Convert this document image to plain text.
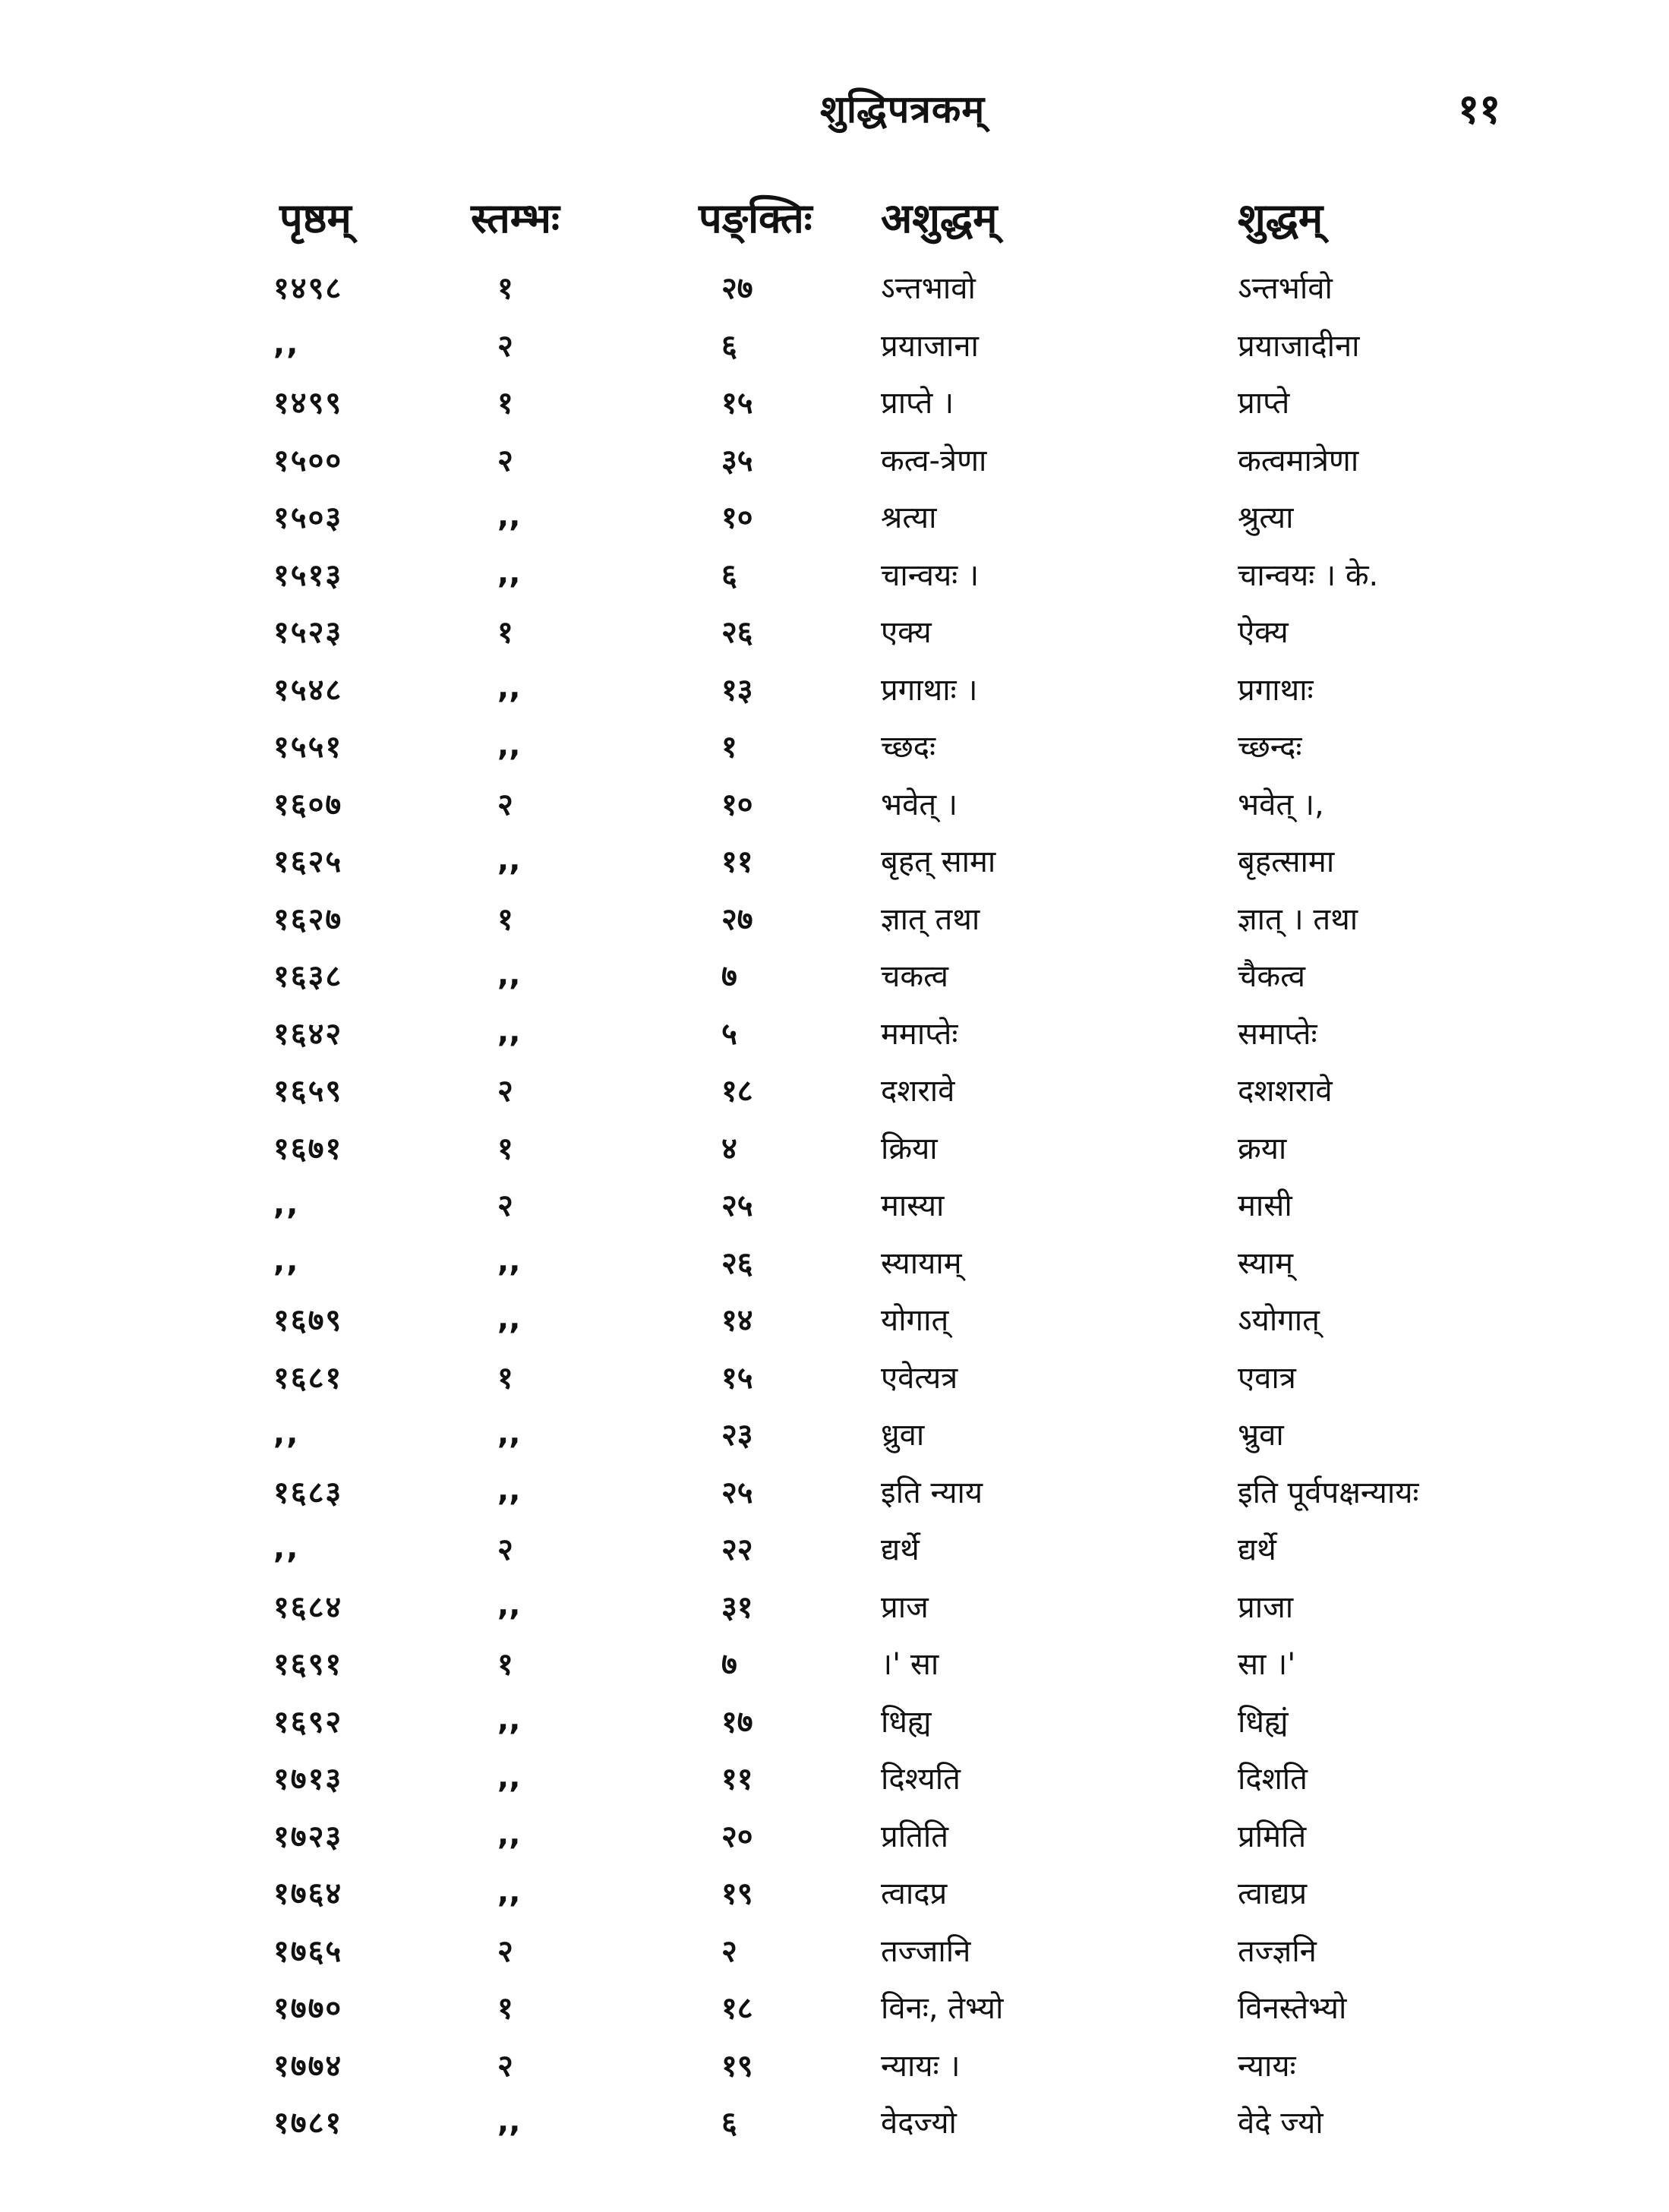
शुद्धिपत्रकम्	११
पृष्ठम्	स्तम्भः	पङ्क्तिः	अशुद्धम्	शुद्धम्
१४९८	१	२७	ऽन्तभावो	ऽन्तर्भावो
,,	२	६	प्रयाजाना	प्रयाजादीना
१४९९	१	१५	प्राप्ते ।	प्राप्ते
१५००	२	३५	कत्व-त्रेणा	कत्वमात्रेणा
१५०३	,,	१०	श्रत्या	श्रुत्या
१५१३	,,	६	चान्वयः ।	चान्वयः । के.
१५२३	१	२६	एक्य	ऐक्य
१५४८	,,	१३	प्रगाथाः ।	प्रगाथाः
१५५१	,,	१	च्छदः	च्छन्दः
१६०७	२	१०	भवेत् ।	भवेत् ।,
१६२५	,,	११	बृहत् सामा	बृहत्सामा
१६२७	१	२७	ज्ञात् तथा	ज्ञात् । तथा
१६३८	,,	७	चकत्व	चैकत्व
१६४२	,,	५	ममाप्तेः	समाप्तेः
१६५९	२	१८	दशरावे	दशशरावे
१६७१	१	४	क्रिया	क्रया
,,	२	२५	मास्या	मासी
,,	,,	२६	स्यायाम्	स्याम्
१६७९	,,	१४	योगात्	ऽयोगात्
१६८१	१	१५	एवेत्यत्र	एवात्र
,,	,,	२३	ध्रुवा	भ्रुवा
१६८३	,,	२५	इति न्याय	इति पूर्वपक्षन्यायः
,,	२	२२	द्यर्थे	द्यर्थे
१६८४	,,	३१	प्राज	प्राजा
१६९१	१	७	।' सा	सा ।'
१६९२	,,	१७	धिह्य	धिह्यं
१७१३	,,	११	दिश्यति	दिशति
१७२३	,,	२०	प्रतिति	प्रमिति
१७६४	,,	१९	त्वादप्र	त्वाद्यप्र
१७६५	२	२	तज्जानि	तज्ज्ञनि
१७७०	१	१८	विनः, तेभ्यो	विनस्तेभ्यो
१७७४	२	१९	न्यायः ।	न्यायः
१७८१	,,	६	वेदज्यो	वेदे ज्यो
